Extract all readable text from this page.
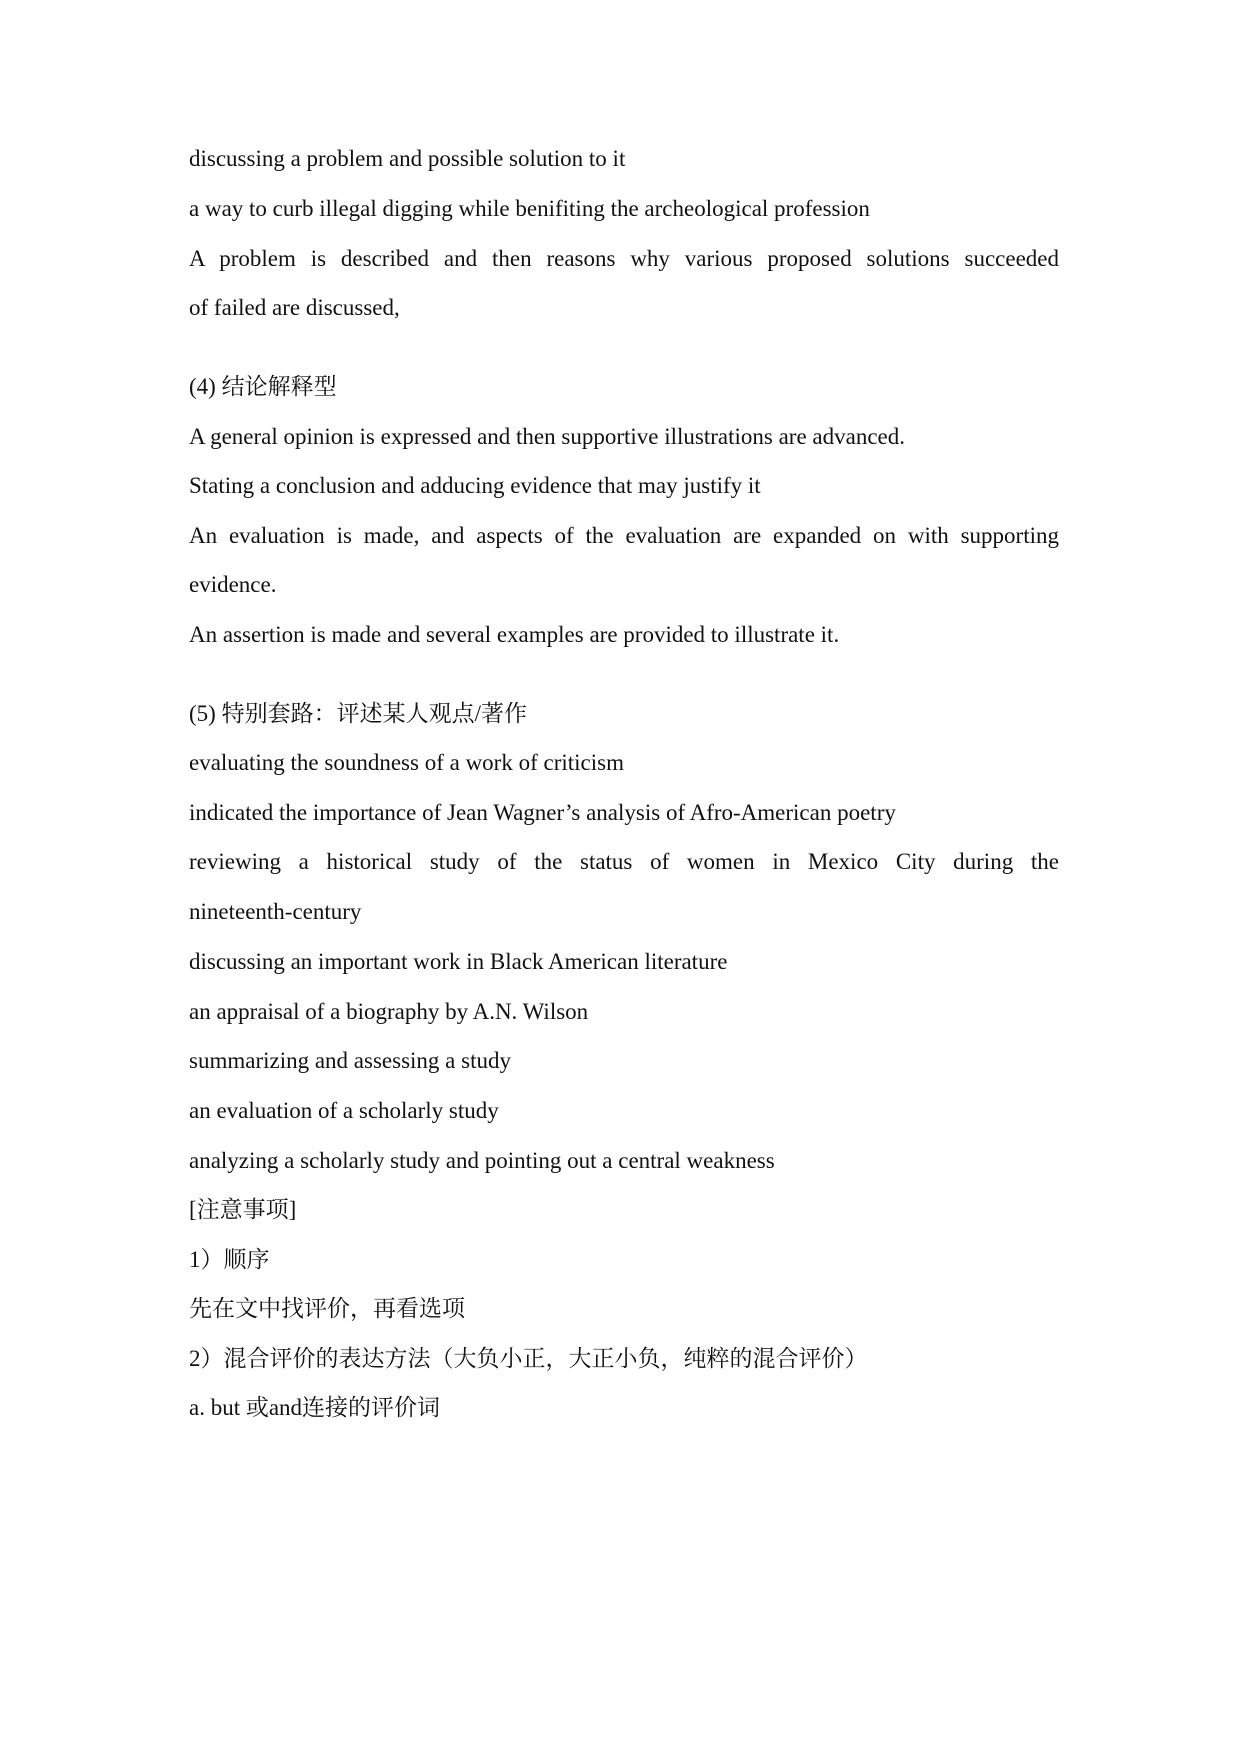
discussing a problem and possible solution to it
a way to curb illegal digging while benifiting the archeological profession
A problem is described and then reasons why various proposed solutions succeeded
of failed are discussed,
(4) 结论解释型
A general opinion is expressed and then supportive illustrations are advanced.
Stating a conclusion and adducing evidence that may justify it
An evaluation is made, and aspects of the evaluation are expanded on with supporting
evidence.
An assertion is made and several examples are provided to illustrate it.
(5) 特别套路：评述某人观点/著作
evaluating the soundness of a work of criticism
indicated the importance of Jean Wagner’s analysis of Afro-American poetry
reviewing a historical study of the status of women in Mexico City during the
nineteenth-century
discussing an important work in Black American literature
an appraisal of a biography by A.N. Wilson
summarizing and assessing a study
an evaluation of a scholarly study
analyzing a scholarly study and pointing out a central weakness
[注意事项]
1）顺序
先在文中找评价，再看选项
2）混合评价的表达方法（大负小正，大正小负，纯粹的混合评价）
a. but 或and连接的评价词
